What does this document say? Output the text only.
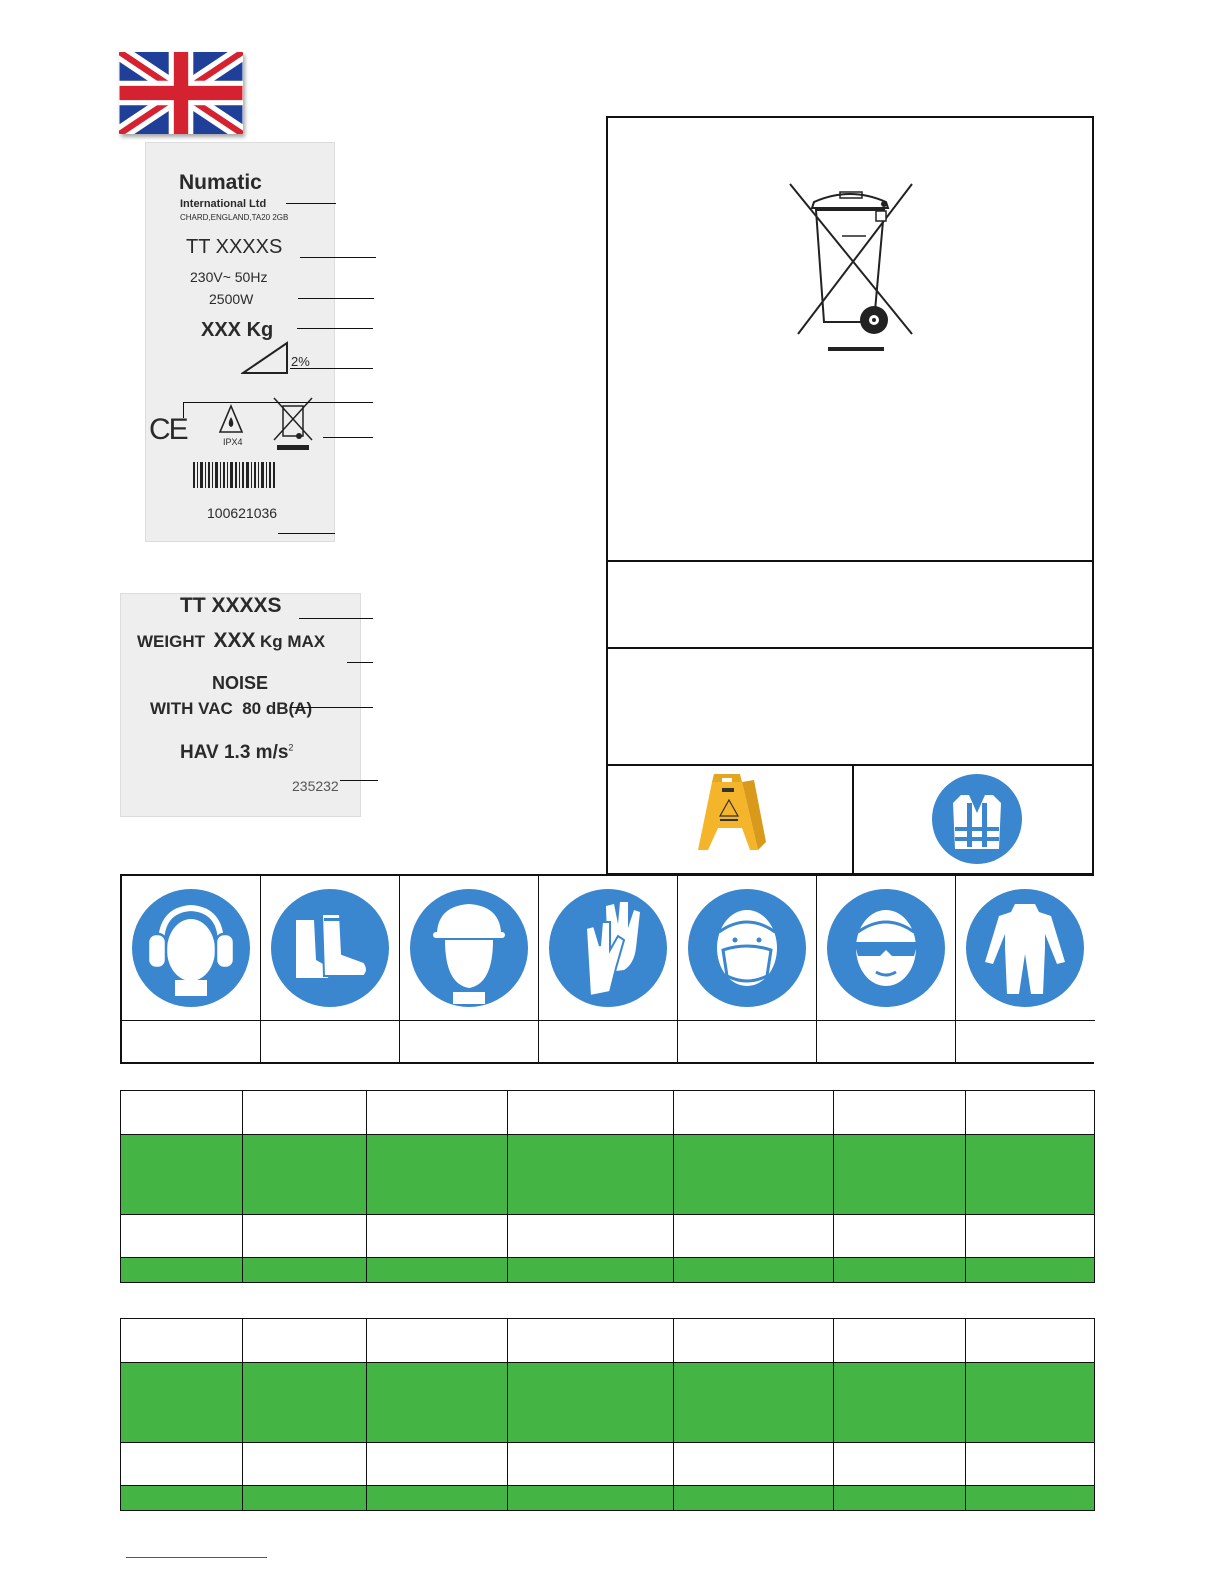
Numatic
International Ltd
CHARD,ENGLAND,TA20 2GB
TT XXXXS
230V~ 50Hz
2500W
XXX Kg
2%
CE	IPX4
100621036
TT XXXXS
WEIGHT XXX Kg MAX
NOISE
WITH VAC  80 dB(A)
HAV 1.3 $m/s^2$
235232
